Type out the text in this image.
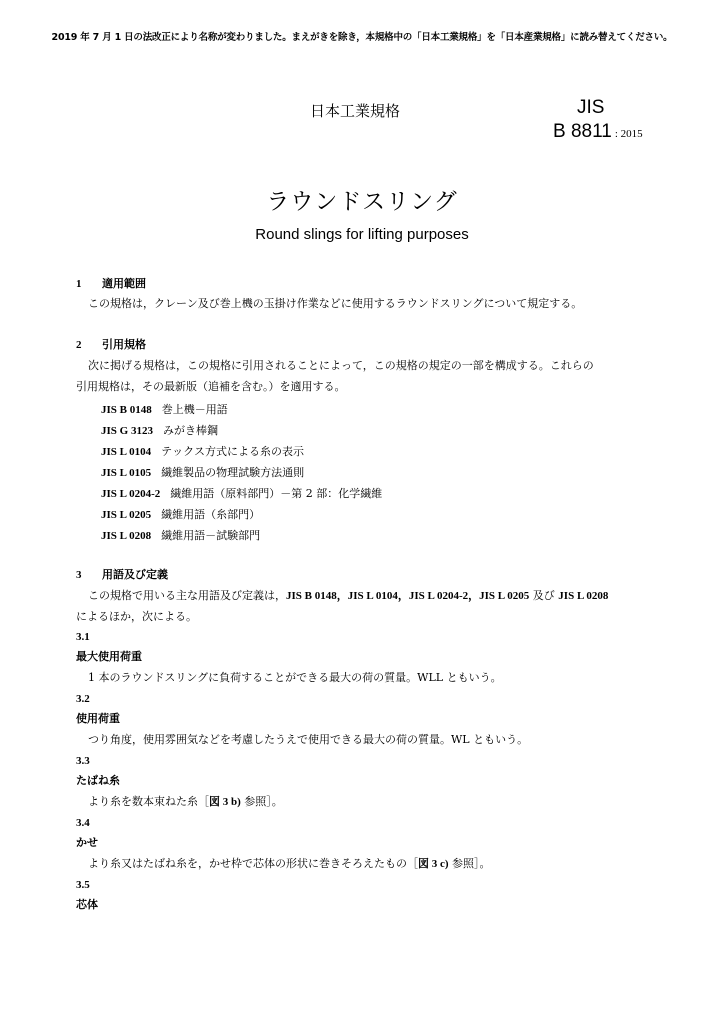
2019 年 7 月 1 日の法改正により名称が変わりました。まえがきを除き，本規格中の「日本工業規格」を「日本産業規格」に読み替えてください。
日本工業規格	JIS
B 8811 : 2015
ラウンドスリング
Round slings for lifting purposes
1 適用範囲
この規格は，クレーン及び巻上機の玉掛け作業などに使用するラウンドスリングについて規定する。
2 引用規格
次に掲げる規格は，この規格に引用されることによって，この規格の規定の一部を構成する。これらの
引用規格は，その最新版（追補を含む。）を適用する。
JIS B 0148 巻上機－用語
JIS G 3123 みがき棒鋼
JIS L 0104 テックス方式による糸の表示
JIS L 0105 繊維製品の物理試験方法通則
JIS L 0204-2 繊維用語（原料部門）－第 2 部：化学繊維
JIS L 0205 繊維用語（糸部門）
JIS L 0208 繊維用語－試験部門
3 用語及び定義
この規格で用いる主な用語及び定義は，JIS B 0148，JIS L 0104，JIS L 0204-2，JIS L 0205 及び JIS L 0208
によるほか，次による。
3.1
最大使用荷重
1 本のラウンドスリングに負荷することができる最大の荷の質量。WLL ともいう。
3.2
使用荷重
つり角度，使用雰囲気などを考慮したうえで使用できる最大の荷の質量。WL ともいう。
3.3
たばね糸
より糸を数本束ねた糸［図 3 b) 参照］。
3.4
かせ
より糸又はたばね糸を，かせ枠で芯体の形状に巻きそろえたもの［図 3 c) 参照］。
3.5
芯体
